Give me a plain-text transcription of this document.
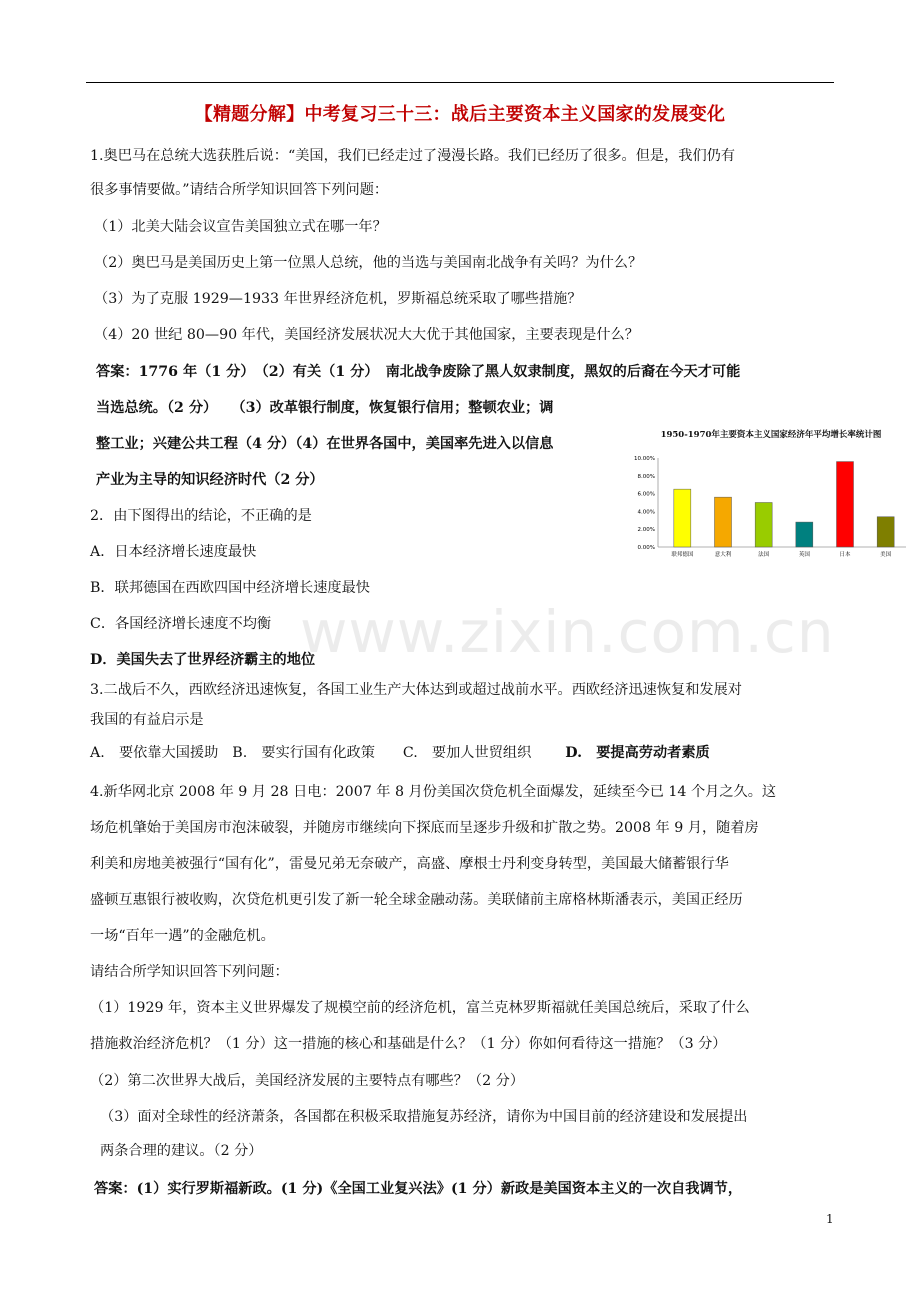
【精题分解】中考复习三十三：战后主要资本主义国家的发展变化
1.奥巴马在总统大选获胜后说：“美国，我们已经走过了漫漫长路。我们已经历了很多。但是，我们仍有
很多事情要做。”请结合所学知识回答下列问题：
（1）北美大陆会议宣告美国独立式在哪一年？
（2）奥巴马是美国历史上第一位黑人总统，他的当选与美国南北战争有关吗？为什么？
（3）为了克服 1929—1933 年世界经济危机，罗斯福总统采取了哪些措施？
（4）20 世纪 80—90 年代，美国经济发展状况大大优于其他国家，主要表现是什么？
答案：1776 年（1 分）　（2）有关（1 分）　南北战争废除了黑人奴隶制度，黑奴的后裔在今天才可能
当选总统。（2 分）　　（3）改革银行制度，恢复银行信用；整顿农业；调
整工业；兴建公共工程（4 分）（4）在世界各国中，美国率先进入以信息
产业为主导的知识经济时代（2 分）
0.00%
2.00%
4.00%
6.00%
8.00%
10.00%
联邦德国	意大利	法国	英国	日本	美国
1950-1970年主要资本主义国家经济年平均增长率统计图
2．由下图得出的结论，不正确的是
A．日本经济增长速度最快
B．联邦德国在西欧四国中经济增长速度最快
C．各国经济增长速度不均衡
D．美国失去了世界经济霸主的地位
3.二战后不久，西欧经济迅速恢复，各国工业生产大体达到或超过战前水平。西欧经济迅速恢复和发展对
我国的有益启示是
A.　要依靠大国援助 B.　要实行国有化政策 C.　要加人世贸组织 D.　要提高劳动者素质
4.新华网北京 2008 年 9 月 28 日电：2007 年 8 月份美国次贷危机全面爆发，延续至今已 14 个月之久。这
场危机肇始于美国房市泡沫破裂，并随房市继续向下探底而呈逐步升级和扩散之势。2008 年 9 月，随着房
利美和房地美被强行“国有化”，雷曼兄弟无奈破产，高盛、摩根士丹利变身转型，美国最大储蓄银行华
盛顿互惠银行被收购，次贷危机更引发了新一轮全球金融动荡。美联储前主席格林斯潘表示，美国正经历
一场“百年一遇”的金融危机。
请结合所学知识回答下列问题：
（1）1929 年，资本主义世界爆发了规模空前的经济危机，富兰克林罗斯福就任美国总统后，采取了什么
措施救治经济危机？（1 分）这一措施的核心和基础是什么？（1 分）你如何看待这一措施？（3 分）
（2）第二次世界大战后，美国经济发展的主要特点有哪些？（2 分）
（3）面对全球性的经济萧条，各国都在积极采取措施复苏经济，请你为中国目前的经济建设和发展提出
两条合理的建议。（2 分）
答案：(1）实行罗斯福新政。(1 分)《全国工业复兴法》(1 分）新政是美国资本主义的一次自我调节，
www.zixin.com.cn
1
